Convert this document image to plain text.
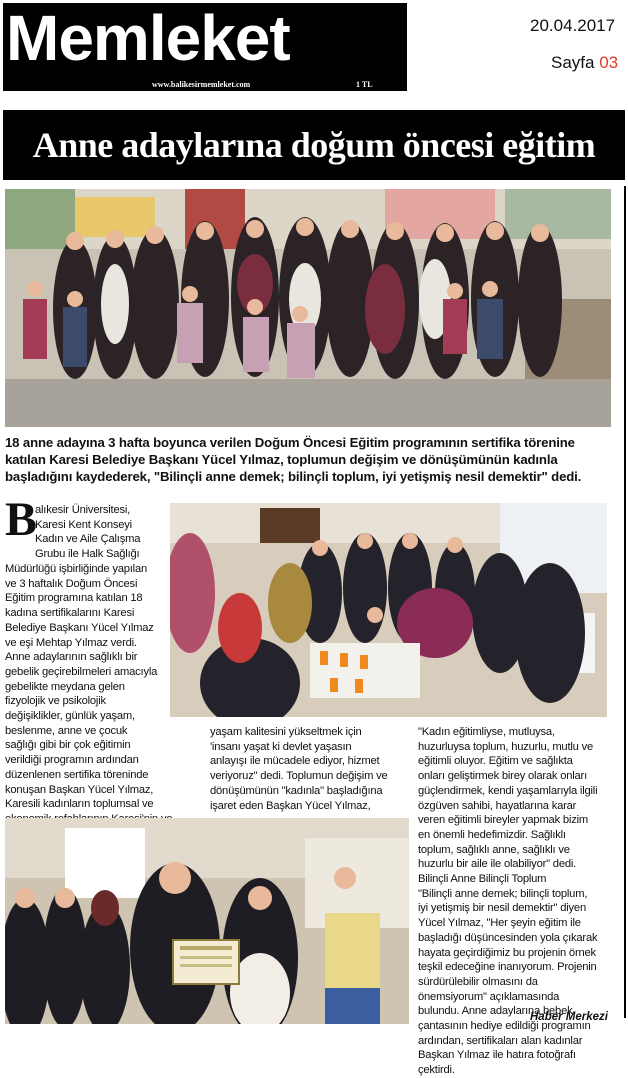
Memleket
www.balikesirmemleket.com	1 TL
20.04.2017
Sayfa 03
Anne adaylarına doğum öncesi eğitim
18 anne adayına 3 hafta boyunca verilen Doğum Öncesi Eğitim programının sertifika törenine
katılan Karesi Belediye Başkanı Yücel Yılmaz, toplumun değişim ve dönüşümünün kadınla
başladığını kaydederek, "Bilinçli anne demek; bilinçli toplum, iyi yetişmiş nesil demektir" dedi.
B
alıkesir Üniversitesi,
Karesi Kent Konseyi
Kadın ve Aile Çalışma
Grubu ile Halk Sağlığı
Müdürlüğü işbirliğinde yapılan
ve 3 haftalık Doğum Öncesi
Eğitim programına katılan 18
kadına sertifikalarını Karesi
Belediye Başkanı Yücel Yılmaz
ve eşi Mehtap Yılmaz verdi.
Anne adaylarının sağlıklı bir
gebelik geçirebilmeleri amacıyla
gebelikte meydana gelen
fizyolojik ve psikolojik
değişiklikler, günlük yaşam,
beslenme, anne ve çocuk
sağlığı gibi bir çok eğitimin
verildiği programın ardından
düzenlenen sertifika töreninde
konuşan Başkan Yücel Yılmaz,
Karesili kadınların toplumsal ve
yaşam kalitesini yükseltmek için
'insanı yaşat ki devlet yaşasın
anlayışı ile mücadele ediyor, hizmet
veriyoruz" dedi. Toplumun değişim ve
dönüşümünün "kadınla" başladığına
işaret eden Başkan Yücel Yılmaz,
"Kadın eğitimliyse, mutluysa,
huzurluysa toplum, huzurlu, mutlu ve
eğitimli oluyor. Eğitim ve sağlıkta
onları geliştirmek birey olarak onları
güçlendirmek, kendi yaşamlarıyla ilgili
özgüven sahibi, hayatlarına karar
veren eğitimli bireyler yapmak bizim
en önemli hedefimizdir. Sağlıklı
toplum, sağlıklı anne, sağlıklı ve
huzurlu bir aile ile olabiliyor" dedi.
Bilinçli Anne Bilinçli Toplum
"Bilinçli anne demek; bilinçli toplum,
iyi yetişmiş bir nesil demektir" diyen
Yücel Yılmaz, "Her şeyin eğitim ile
başladığı düşüncesinden yola çıkarak
hayata geçirdiğimiz bu projenin örnek
teşkil edeceğine inanıyorum. Projenin
sürdürülebilir olmasını da
önemsiyorum" açıklamasında
bulundu. Anne adaylarına bebek
çantasının hediye edildiği programın
ardından, sertifikaları alan kadınlar
Başkan Yılmaz ile hatıra fotoğrafı
çektirdi.
Haber Merkezi
